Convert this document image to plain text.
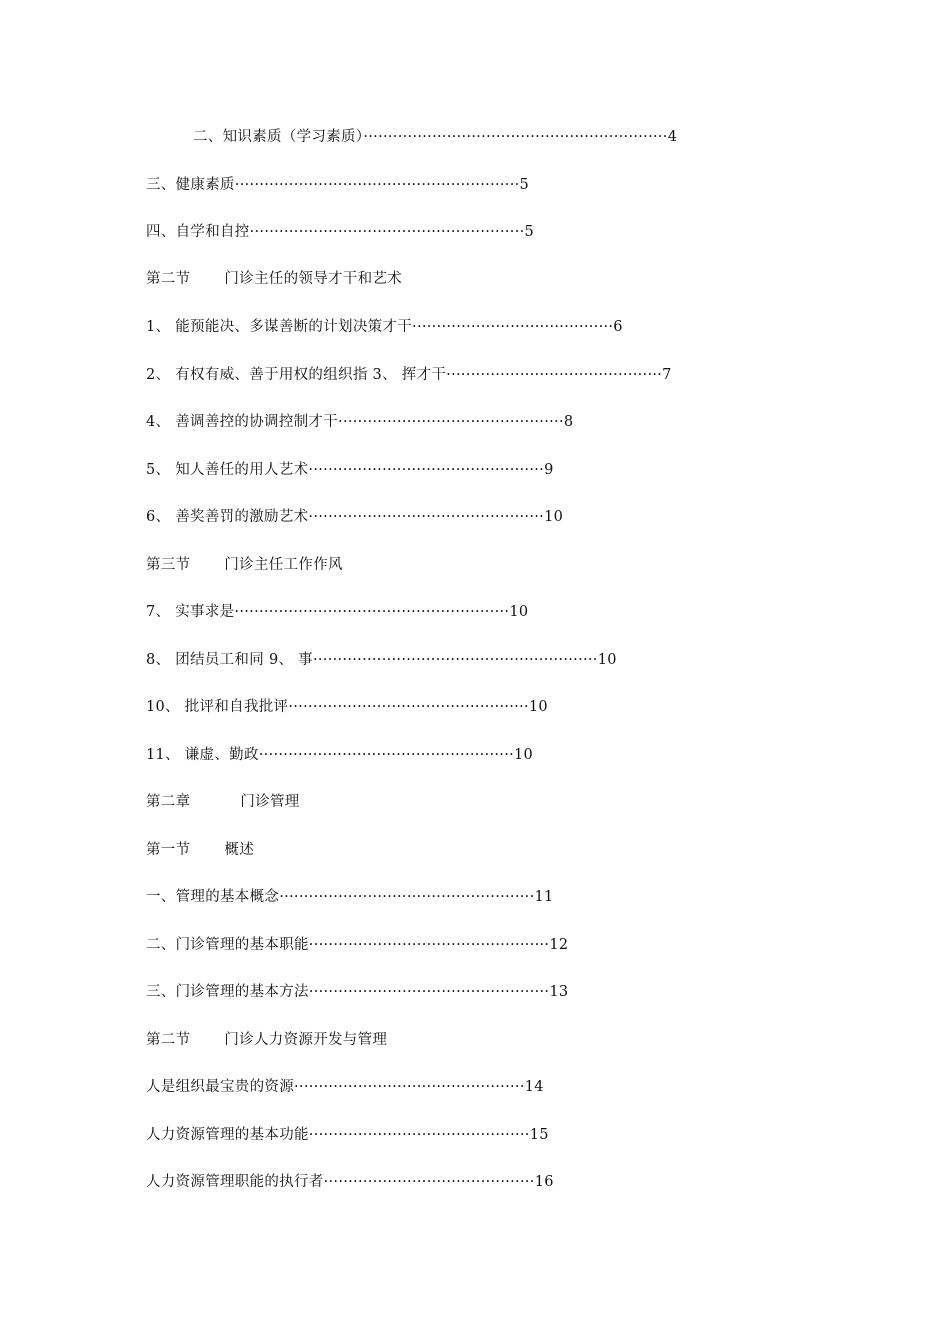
二、知识素质（学习素质）······························································4
三、健康素质··························································5
四、自学和自控························································5
第二节 门诊主任的领导才干和艺术
1、 能预能决、多谋善断的计划决策才干·········································6
2、 有权有威、善于用权的组织指 3、 挥才干············································7
4、 善调善控的协调控制才干··············································8
5、 知人善任的用人艺术················································9
6、 善奖善罚的激励艺术················································10
第三节 门诊主任工作作风
7、 实事求是························································10
8、 团结员工和同 9、 事··························································10
10、 批评和自我批评·················································10
11、 谦虚、勤政····················································10
第二章	门诊管理
第一节 概述
一、管理的基本概念····················································11
二、门诊管理的基本职能·················································12
三、门诊管理的基本方法·················································13
第二节 门诊人力资源开发与管理
人是组织最宝贵的资源···············································14
人力资源管理的基本功能·············································15
人力资源管理职能的执行者···········································16
